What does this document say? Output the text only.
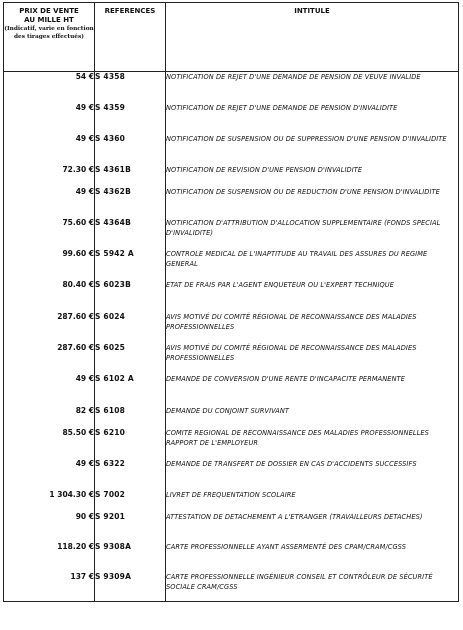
PRIX DE VENTE
AU MILLE HT
(Indicatif, varie en fonction des tirages effectués)	REFERENCES	INTITULE
54 €	S 4358	NOTIFICATION DE REJET D'UNE DEMANDE DE PENSION DE VEUVE INVALIDE

49 €	S 4359	NOTIFICATION DE REJET D'UNE DEMANDE DE PENSION D'INVALIDITE

49 €	S 4360	NOTIFICATION DE SUSPENSION OU DE SUPPRESSION D'UNE PENSION D'INVALIDITE

72.30 €	S 4361B	NOTIFICATION DE REVISION D'UNE PENSION D'INVALIDITE

49 €	S 4362B	NOTIFICATION DE SUSPENSION OU DE REDUCTION D'UNE PENSION D'INVALIDITE

75.60 €	S 4364B	NOTIFICATION D'ATTRIBUTION D'ALLOCATION SUPPLEMENTAIRE (FONDS SPECIAL D'INVALIDITE)

99.60 €	S 5942 A	CONTROLE MEDICAL DE L'INAPTITUDE AU TRAVAIL DES ASSURES DU REGIME GENERAL

80.40 €	S 6023B	ETAT DE FRAIS PAR L'AGENT ENQUETEUR OU L'EXPERT TECHNIQUE

287.60 €	S 6024	AVIS MOTIVÉ DU COMITÉ RÉGIONAL DE RECONNAISSANCE DES MALADIES PROFESSIONNELLES

287.60 €	S 6025	AVIS MOTIVÉ DU COMITÉ RÉGIONAL DE RECONNAISSANCE DES MALADIES PROFESSIONNELLES

49 €	S 6102 A	DEMANDE DE CONVERSION D'UNE RENTE D'INCAPACITE PERMANENTE

82 €	S 6108	DEMANDE DU CONJOINT SURVIVANT

85.50 €	S 6210	COMITE REGIONAL DE RECONNAISSANCE DES MALADIES PROFESSIONNELLES RAPPORT DE L'EMPLOYEUR

49 €	S 6322	DEMANDE DE TRANSFERT DE DOSSIER EN CAS D'ACCIDENTS SUCCESSIFS

1 304.30 €	S 7002	LIVRET DE FREQUENTATION SCOLAIRE

90 €	S 9201	ATTESTATION DE DETACHEMENT A L'ETRANGER (TRAVAILLEURS DETACHES)

118.20 €	S 9308A	CARTE PROFESSIONNELLE AYANT ASSERMENTÉ DES CPAM/CRAM/CGSS

137 €	S 9309A	CARTE PROFESSIONNELLE INGÉNIEUR CONSEIL ET CONTRÔLEUR DE SÉCURITÉ SOCIALE CRAM/CGSS
